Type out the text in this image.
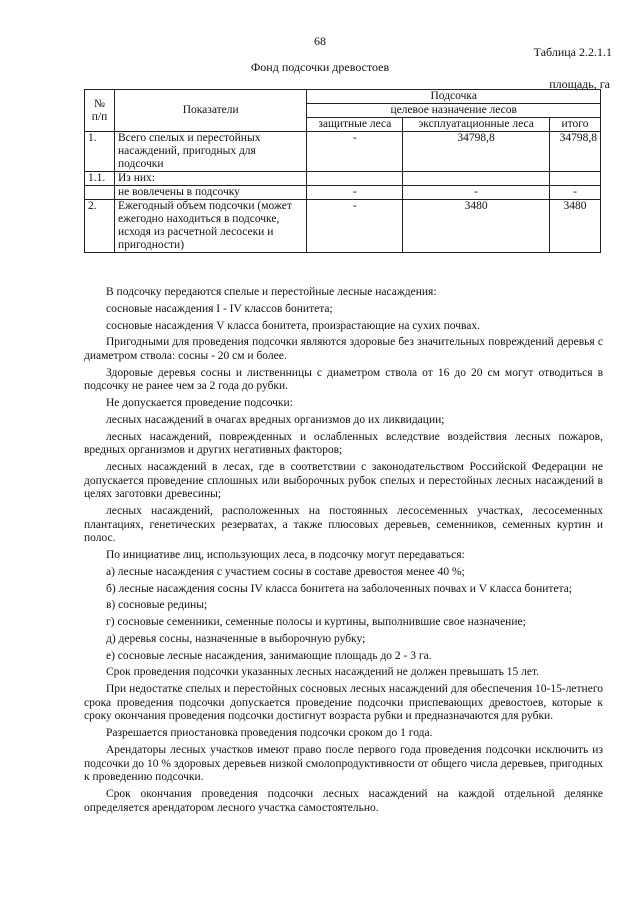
68
Таблица 2.2.1.1
Фонд подсочки древостоев
площадь, га
№ п/п	Показатели	Подсочка		
		целевое назначение лесов		
		защитные леса	эксплуатационные леса	итого
1.	Всего спелых и перестойных насаждений, пригодных для подсочки	-	34798,8	34798,8
1.1.	Из них:			
	не вовлечены в подсочку	-	-	-
2.	Ежегодный объем подсочки (может ежегодно находиться в подсочке, исходя из расчетной лесосеки и пригодности)	-	3480	3480

В подсочку передаются спелые и перестойные лесные насаждения:

сосновые насаждения I - IV классов бонитета;

сосновые насаждения V класса бонитета, произрастающие на сухих почвах.

Пригодными для проведения подсочки являются здоровые без значительных повреждений деревья с диаметром ствола: сосны - 20 см и более.

Здоровые деревья сосны и лиственницы с диаметром ствола от 16 до 20 см могут отводиться в подсочку не ранее чем за 2 года до рубки.

Не допускается проведение подсочки:

лесных насаждений в очагах вредных организмов до их ликвидации;

лесных насаждений, поврежденных и ослабленных вследствие воздействия лесных пожаров, вредных организмов и других негативных факторов;

лесных насаждений в лесах, где в соответствии с законодательством Российской Федерации не допускается проведение сплошных или выборочных рубок спелых и перестойных лесных насаждений в целях заготовки древесины;

лесных насаждений, расположенных на постоянных лесосеменных участках, лесосеменных плантациях, генетических резерватах, а также плюсовых деревьев, семенников, семенных куртин и полос.

По инициативе лиц, использующих леса, в подсочку могут передаваться:

а) лесные насаждения с участием сосны в составе древостоя менее 40 %;

б) лесные насаждения сосны IV класса бонитета на заболоченных почвах и V класса бонитета;

в) сосновые редины;

г) сосновые семенники, семенные полосы и куртины, выполнившие свое назначение;

д) деревья сосны, назначенные в выборочную рубку;

е) сосновые лесные насаждения, занимающие площадь до 2 - 3 га.

Срок проведения подсочки указанных лесных насаждений не должен превышать 15 лет.

При недостатке спелых и перестойных сосновых лесных насаждений для обеспечения 10-15-летнего срока проведения подсочки допускается проведение подсочки приспевающих древостоев, которые к сроку окончания проведения подсочки достигнут возраста рубки и предназначаются для рубки.

Разрешается приостановка проведения подсочки сроком до 1 года.

Арендаторы лесных участков имеют право после первого года проведения подсочки исключить из подсочки до 10 % здоровых деревьев низкой смолопродуктивности от общего числа деревьев, пригодных к проведению подсочки.

Срок окончания проведения подсочки лесных насаждений на каждой отдельной делянке определяется арендатором лесного участка самостоятельно.
